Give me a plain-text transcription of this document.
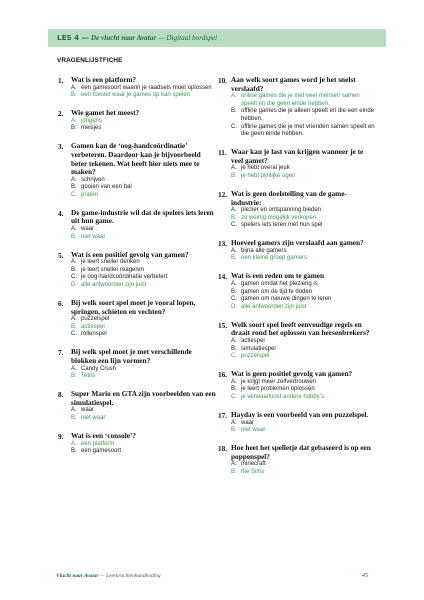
LES 4 — De vlucht naar Avatar — Digitaal bordspel
VRAGENLIJSTFICHE
1. Wat is een platform?
A. een gamesoort waarin je raadsels moet oplossen
B. een toestel waar je games op kan spelen
2. Wie gamet het meest?
A. jongens
B. meisjes
3. Gamen kan de ‘oog-handcoördinatie’ verbeteren. Daardoor kan je bijvoorbeeld beter tekenen. Wat heeft hier niets mee te maken?
A. schrijven
B. gooien van een bal
C. praten
4. De game-industrie wil dat de spelers iets leren uit hun game.
A. waar
B. niet waar
5. Wat is een positief gevolg van gamen?
A. je leert sneller denken
B. je leert sneller reageren
C. je oog-handcoördinatie verbetert
D. alle antwoorden zijn juist
6. Bij welk soort spel moet je vooral lopen, springen, schieten en vechten?
A. puzzelspel
B. actiespel
C. rollenspel
7. Bij welk spel moet je met verschillende blokken een lijn vormen?
A. Candy Crush
B. Tetris
8. Super Mario en GTA zijn voorbeelden van een simulatiespel.
A. waar
B. niet waar
9. Wat is een ‘console’?
A. een platform
B. een gamesoort
10. Aan welk soort games word je het snelst verslaafd?
A. online games die je met veel mensen samen speelt en die geen einde hebben
B. offline games die je alleen speelt en die een einde hebben.
C. offline games die je met vrienden samen speelt en die geen einde hebben.
11. Waar kan je last van krijgen wanneer je te veel gamet?
A. je hebt overal jeuk
B. je hebt pijnlijke ogen
12. Wat is geen doelstelling van de game-industrie:
A. plezier en ontspanning bieden
B. zo weinig mogelijk verkopen
C. spelers iets leren met hun spel
13. Hoeveel gamers zijn verslaafd aan gamen?
A. bijna alle gamers
B. een kleine groep gamers
14. Wat is een reden om te gamen
A. gamen omdat het plezierig is
B. gamen om de tijd te doden
C. gamen om nieuwe dingen te leren
D. alle antwoorden zijn juist
15. Welk soort spel heeft eenvoudige regels en draait rond het oplossen van hersenbrekers?
A. actiespel
B. simulatiespel
C. puzzelspel
16. Wat is geen positief gevolg van gamen?
A. je krijgt meer zelfvertrouwen
B. je leert problemen oplossen
C. je verwaarloost andere hobby’s
17. Hayday is een voorbeeld van een puzzelspel.
A. waar
B. niet waar
18. Hoe heet het spelletje dat gebaseerd is op een poppenspel?
A. minecraft
B. the Sims
Vlucht naar Avatar — Leerkrachtenhandleiding	45
